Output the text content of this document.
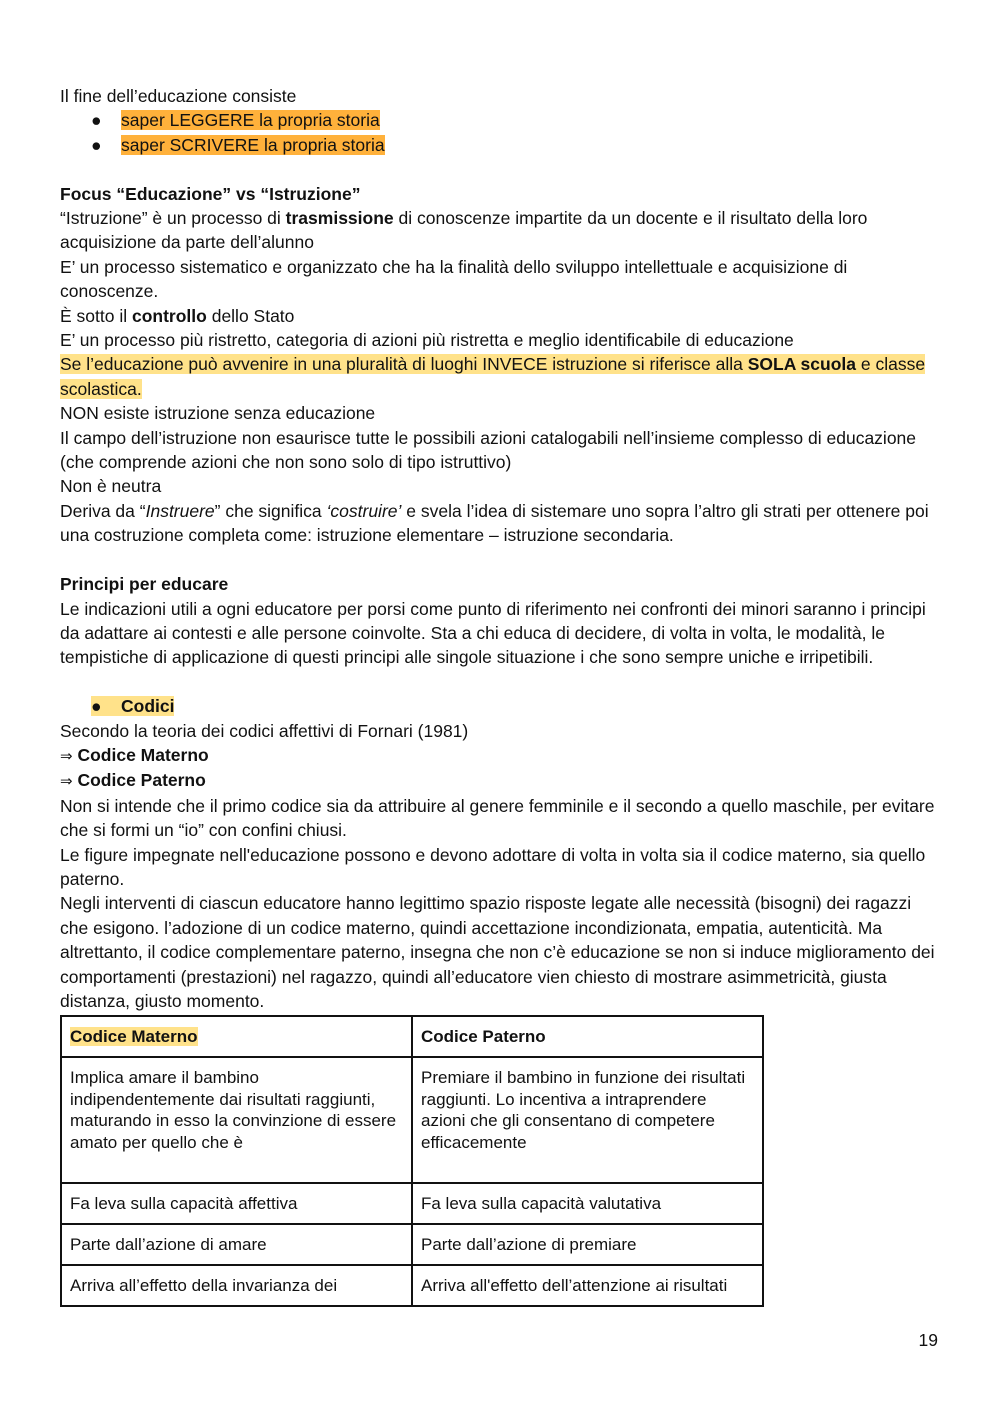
Il fine dell’educazione consiste

● saper LEGGERE la propria storia

● saper SCRIVERE la propria storia

Focus “Educazione” vs “Istruzione”

“Istruzione” è un processo di trasmissione di conoscenze impartite da un docente e il risultato della loro acquisizione da parte dell’alunno

E’ un processo sistematico e organizzato che ha la finalità dello sviluppo intellettuale e acquisizione di conoscenze.

È sotto il controllo dello Stato

E’ un processo più ristretto, categoria di azioni più ristretta e meglio identificabile di educazione

Se l’educazione può avvenire in una pluralità di luoghi INVECE istruzione si riferisce alla SOLA scuola e classe scolastica.

NON esiste istruzione senza educazione

Il campo dell’istruzione non esaurisce tutte le possibili azioni catalogabili nell’insieme complesso di educazione (che comprende azioni che non sono solo di tipo istruttivo)

Non è neutra

Deriva da “Instruere” che significa ‘costruire’ e svela l’idea di sistemare uno sopra l’altro gli strati per ottenere poi una costruzione completa come: istruzione elementare – istruzione secondaria.

Principi per educare

Le indicazioni utili a ogni educatore per porsi come punto di riferimento nei confronti dei minori saranno i principi da adattare ai contesti e alle persone coinvolte. Sta a chi educa di decidere, di volta in volta, le modalità, le tempistiche di applicazione di questi principi alle singole situazione i che sono sempre uniche e irripetibili.

● Codici

Secondo la teoria dei codici affettivi di Fornari (1981)

⇒ Codice Materno

⇒ Codice Paterno

Non si intende che il primo codice sia da attribuire al genere femminile e il secondo a quello maschile, per evitare che si formi un “io” con confini chiusi.

Le figure impegnate nell'educazione possono e devono adottare di volta in volta sia il codice materno, sia quello paterno.

Negli interventi di ciascun educatore hanno legittimo spazio risposte legate alle necessità (bisogni) dei ragazzi che esigono. l’adozione di un codice materno, quindi accettazione incondizionata, empatia, autenticità. Ma altrettanto, il codice complementare paterno, insegna che non c’è educazione se non si induce miglioramento dei comportamenti (prestazioni) nel ragazzo, quindi all’educatore vien chiesto di mostrare asimmetricità, giusta distanza, giusto momento.

Codice Materno	Codice Paterno
Implica amare il bambino indipendentemente dai risultati raggiunti, maturando in esso la convinzione di essere amato per quello che è	Premiare il bambino in funzione dei risultati raggiunti. Lo incentiva a intraprendere azioni che gli consentano di competere efficacemente
Fa leva sulla capacità affettiva	Fa leva sulla capacità valutativa
Parte dall’azione di amare	Parte dall’azione di premiare
Arriva all’effetto della invarianza dei	Arriva all'effetto dell’attenzione ai risultati
19
